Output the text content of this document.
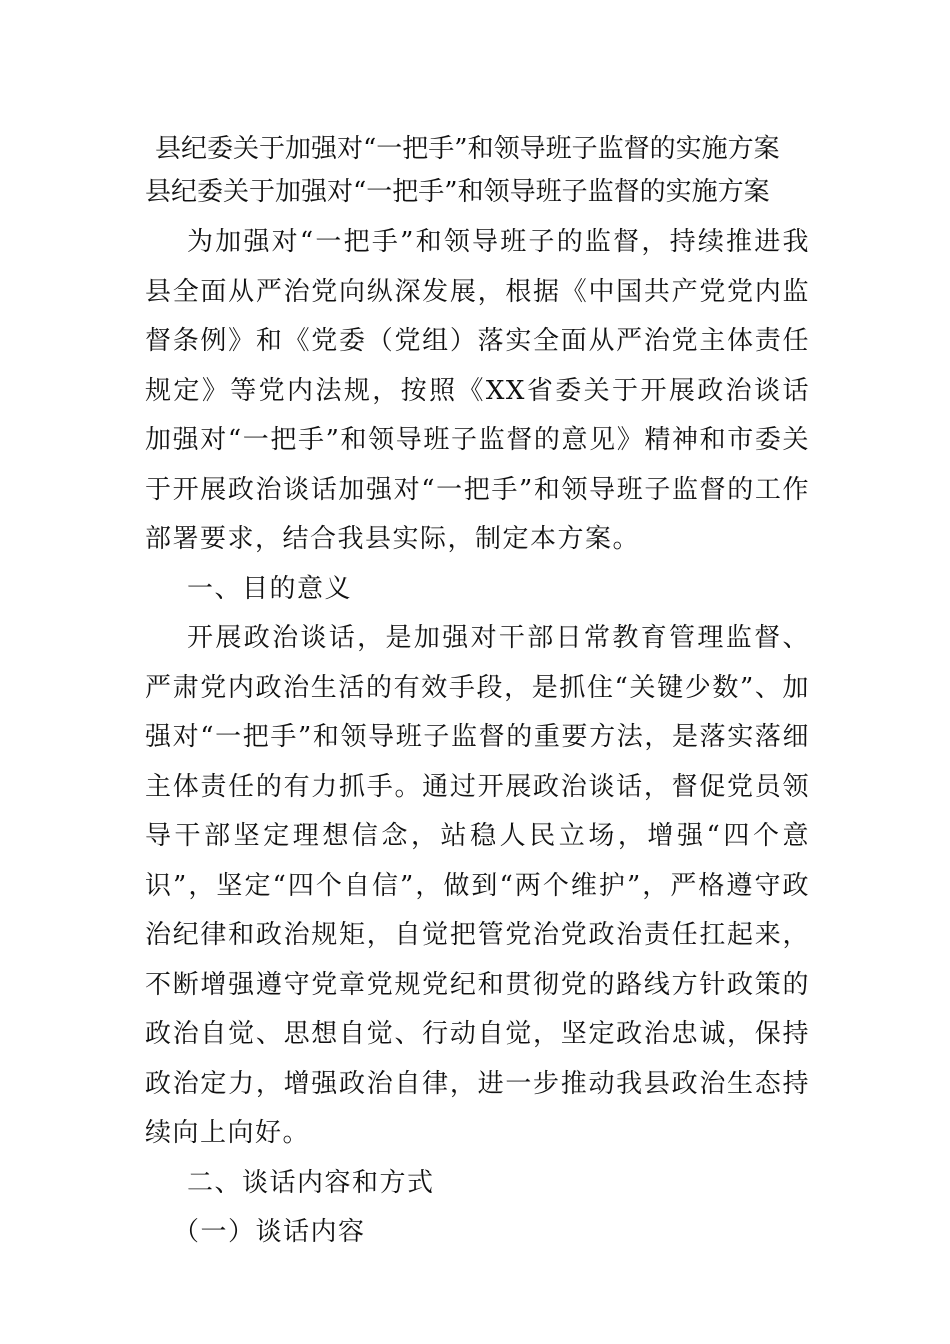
县纪委关于加强对“一把手”和领导班子监督的实施方案

县纪委关于加强对“一把手”和领导班子监督的实施方案

为加强对“一把手”和领导班子的监督，持续推进我县全面从严治党向纵深发展，根据《中国共产党党内监督条例》和《党委（党组）落实全面从严治党主体责任规定》等党内法规，按照《XX省委关于开展政治谈话加强对“一把手”和领导班子监督的意见》精神和市委关于开展政治谈话加强对“一把手”和领导班子监督的工作部署要求，结合我县实际，制定本方案。

一、目的意义

开展政治谈话，是加强对干部日常教育管理监督、严肃党内政治生活的有效手段，是抓住“关键少数”、加强对“一把手”和领导班子监督的重要方法，是落实落细主体责任的有力抓手。通过开展政治谈话，督促党员领导干部坚定理想信念，站稳人民立场，增强“四个意识”，坚定“四个自信”，做到“两个维护”，严格遵守政治纪律和政治规矩，自觉把管党治党政治责任扛起来，不断增强遵守党章党规党纪和贯彻党的路线方针政策的政治自觉、思想自觉、行动自觉，坚定政治忠诚，保持政治定力，增强政治自律，进一步推动我县政治生态持续向上向好。

二、谈话内容和方式

（一）谈话内容
